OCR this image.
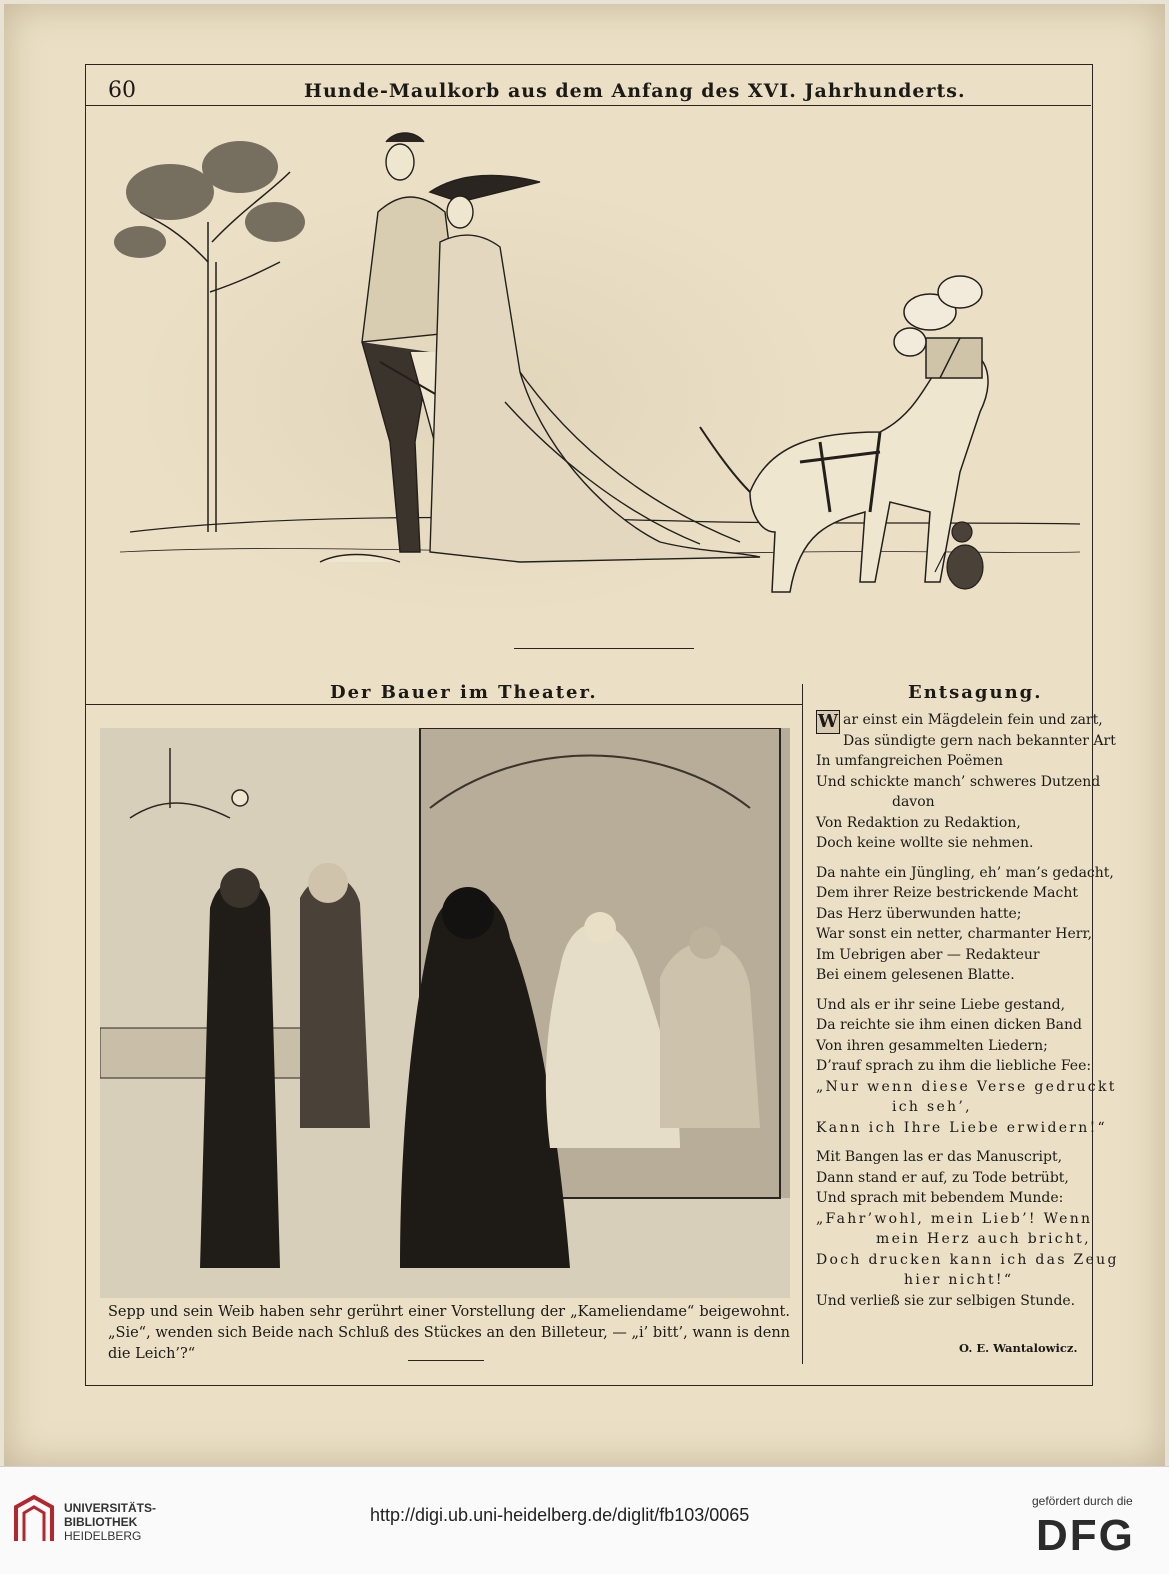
60	Hunde-Maulkorb aus dem Anfang des XVI. Jahrhunderts.
Der Bauer im Theater.
Sepp und sein Weib haben sehr gerührt einer Vorstellung der „Kameliendame“ beigewohnt. „Sie“, wenden sich Beide nach Schluß des Stückes an den Billeteur, — „i’ bitt’, wann is denn die Leich’?“
Entsagung.
W ar einst ein Mägdelein fein und zart,
Das sündigte gern nach bekannter Art
In umfangreichen Poëmen
Und schickte manch’ schweres Dutzend
davon
Von Redaktion zu Redaktion,
Doch keine wollte sie nehmen.
Da nahte ein Jüngling, eh’ man’s gedacht,
Dem ihrer Reize bestrickende Macht
Das Herz überwunden hatte;
War sonst ein netter, charmanter Herr,
Im Uebrigen aber — Redakteur
Bei einem gelesenen Blatte.
Und als er ihr seine Liebe gestand,
Da reichte sie ihm einen dicken Band
Von ihren gesammelten Liedern;
D’rauf sprach zu ihm die liebliche Fee:
„Nur wenn diese Verse gedruckt
ich seh’,
Kann ich Ihre Liebe erwidern!“
Mit Bangen las er das Manuscript,
Dann stand er auf, zu Tode betrübt,
Und sprach mit bebendem Munde:
„Fahr’wohl, mein Lieb’! Wenn
mein Herz auch bricht,
Doch drucken kann ich das Zeug
hier nicht!“
Und verließ sie zur selbigen Stunde.
O. E. Wantalowicz.
UNIVERSITÄTS-
BIBLIOTHEK
HEIDELBERG
http://digi.ub.uni-heidelberg.de/diglit/fb103/0065
gefördert durch die
DFG
